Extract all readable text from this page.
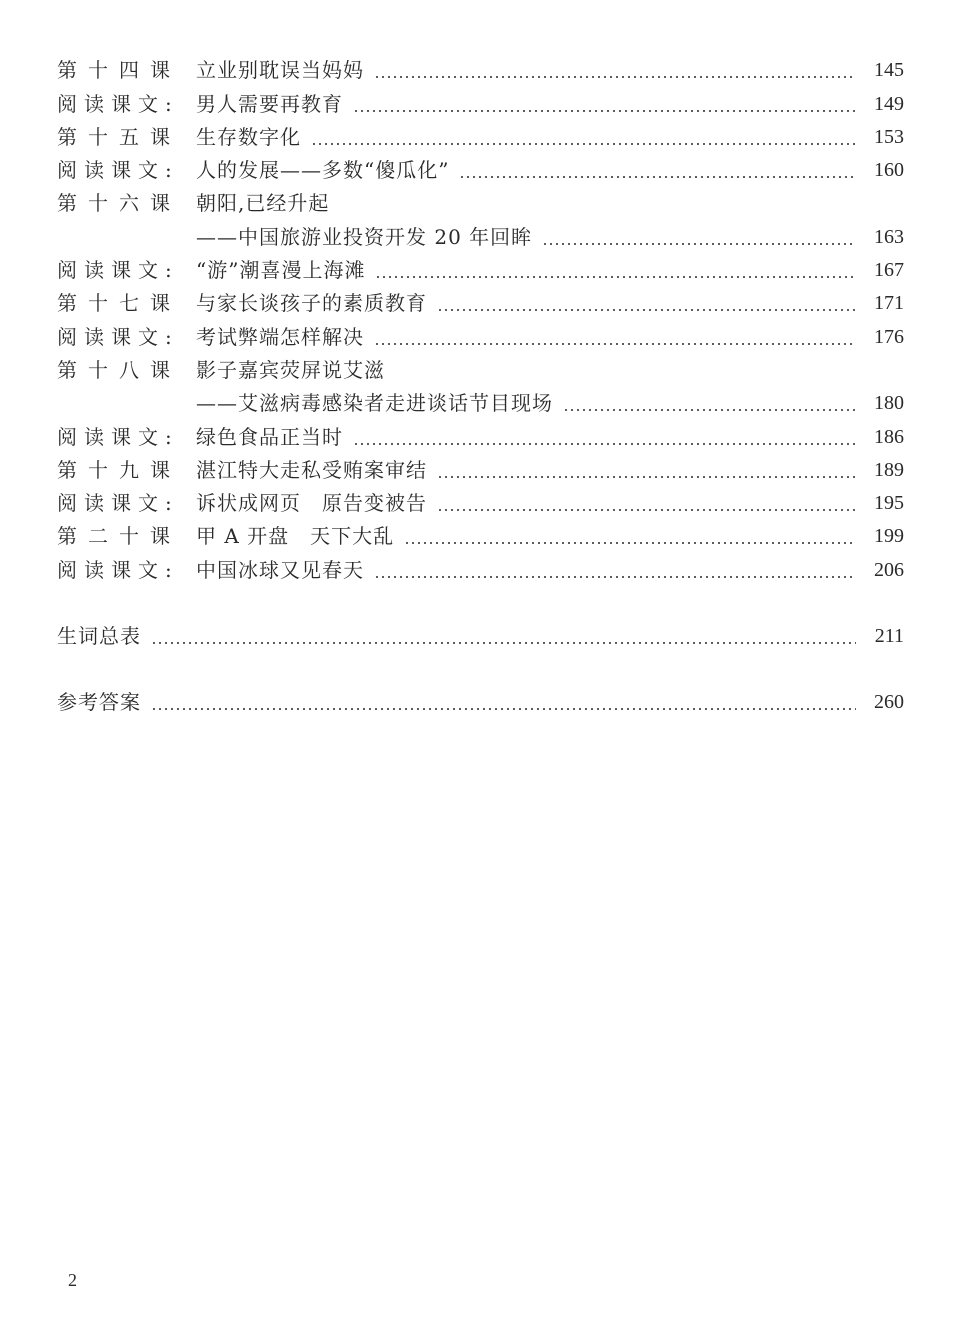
第十四课 立业别耽误当妈妈	145
阅读课文: 男人需要再教育	149
第十五课 生存数字化	153
阅读课文: 人的发展——多数“傻瓜化”	160
第十六课 朝阳,已经升起
——中国旅游业投资开发 20 年回眸	163
阅读课文: “游”潮喜漫上海滩	167
第十七课 与家长谈孩子的素质教育	171
阅读课文: 考试弊端怎样解决	176
第十八课 影子嘉宾荧屏说艾滋
——艾滋病毒感染者走进谈话节目现场	180
阅读课文: 绿色食品正当时	186
第十九课 湛江特大走私受贿案审结	189
阅读课文: 诉状成网页　原告变被告	195
第二十课 甲 A 开盘　天下大乱	199
阅读课文: 中国冰球又见春天	206
生词总表	211
参考答案	260
2
